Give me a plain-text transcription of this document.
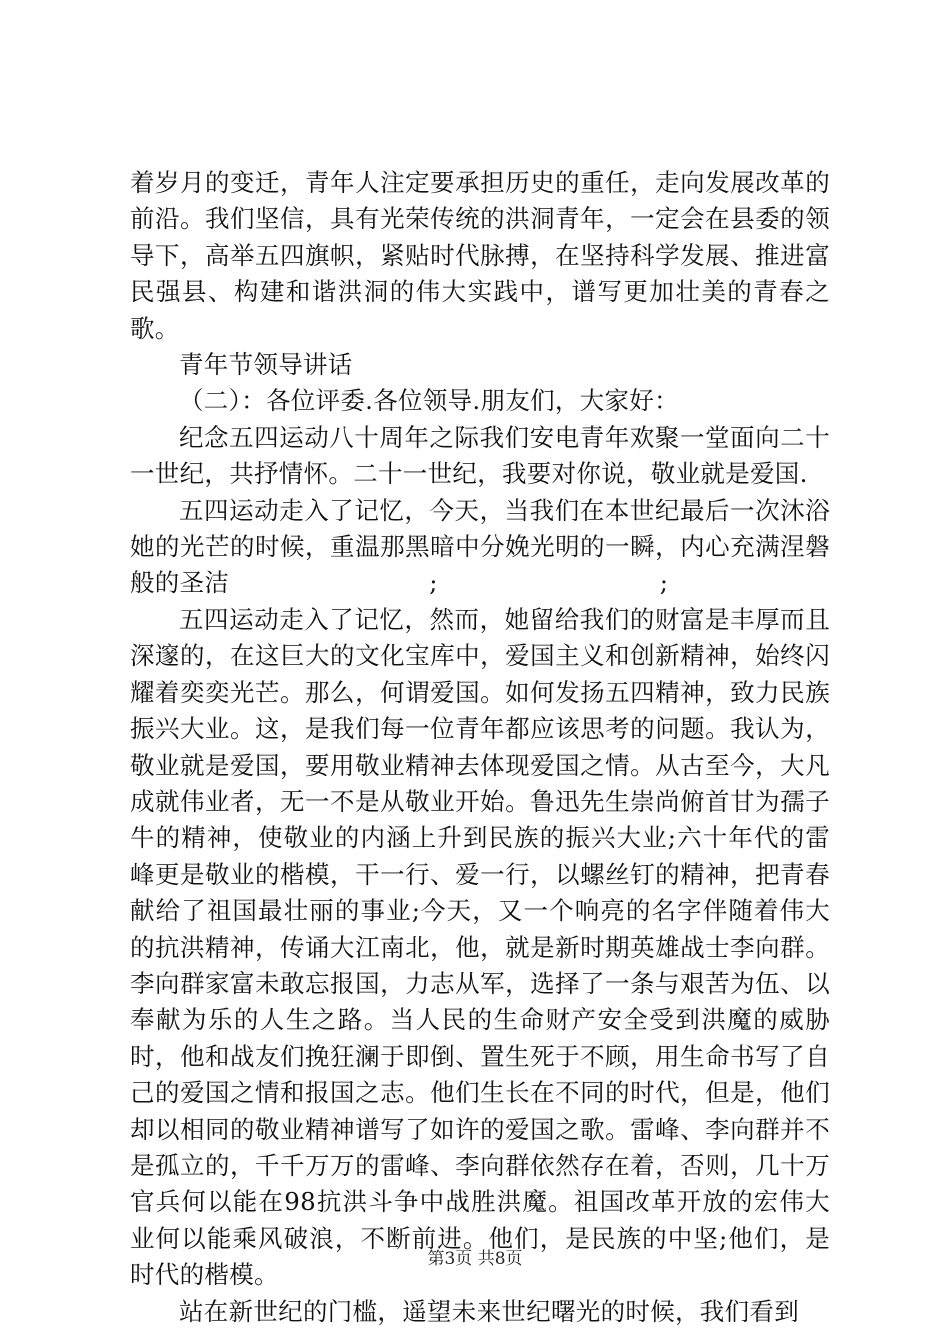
着岁月的变迁，青年人注定要承担历史的重任，走向发展改革的前沿。我们坚信，具有光荣传统的洪洞青年，一定会在县委的领导下，高举五四旗帜，紧贴时代脉搏，在坚持科学发展、推进富民强县、构建和谐洪洞的伟大实践中，谱写更加壮美的青春之歌。

青年节领导讲话

（二）：各位评委.各位领导.朋友们，大家好：

纪念五四运动八十周年之际我们安电青年欢聚一堂面向二十一世纪，共抒情怀。二十一世纪，我要对你说，敬业就是爱国.

五四运动走入了记忆，今天，当我们在本世纪最后一次沐浴她的光芒的时候，重温那黑暗中分娩光明的一瞬，内心充满涅磐般的圣洁	;	;

五四运动走入了记忆，然而，她留给我们的财富是丰厚而且深邃的，在这巨大的文化宝库中，爱国主义和创新精神，始终闪耀着奕奕光芒。那么，何谓爱国。如何发扬五四精神，致力民族振兴大业。这，是我们每一位青年都应该思考的问题。我认为，敬业就是爱国，要用敬业精神去体现爱国之情。从古至今，大凡成就伟业者，无一不是从敬业开始。鲁迅先生崇尚俯首甘为孺子牛的精神，使敬业的内涵上升到民族的振兴大业;六十年代的雷峰更是敬业的楷模，干一行、爱一行，以螺丝钉的精神，把青春献给了祖国最壮丽的事业;今天，又一个响亮的名字伴随着伟大的抗洪精神，传诵大江南北，他，就是新时期英雄战士李向群。李向群家富未敢忘报国，力志从军，选择了一条与艰苦为伍、以奉献为乐的人生之路。当人民的生命财产安全受到洪魔的威胁时，他和战友们挽狂澜于即倒、置生死于不顾，用生命书写了自己的爱国之情和报国之志。他们生长在不同的时代，但是，他们却以相同的敬业精神谱写了如许的爱国之歌。雷峰、李向群并不是孤立的，千千万万的雷峰、李向群依然存在着，否则，几十万官兵何以能在98抗洪斗争中战胜洪魔。祖国改革开放的宏伟大业何以能乘风破浪，不断前进。他们，是民族的中坚;他们，是时代的楷模。

站在新世纪的门槛，遥望未来世纪曙光的时候，我们看到

第3页 共8页
